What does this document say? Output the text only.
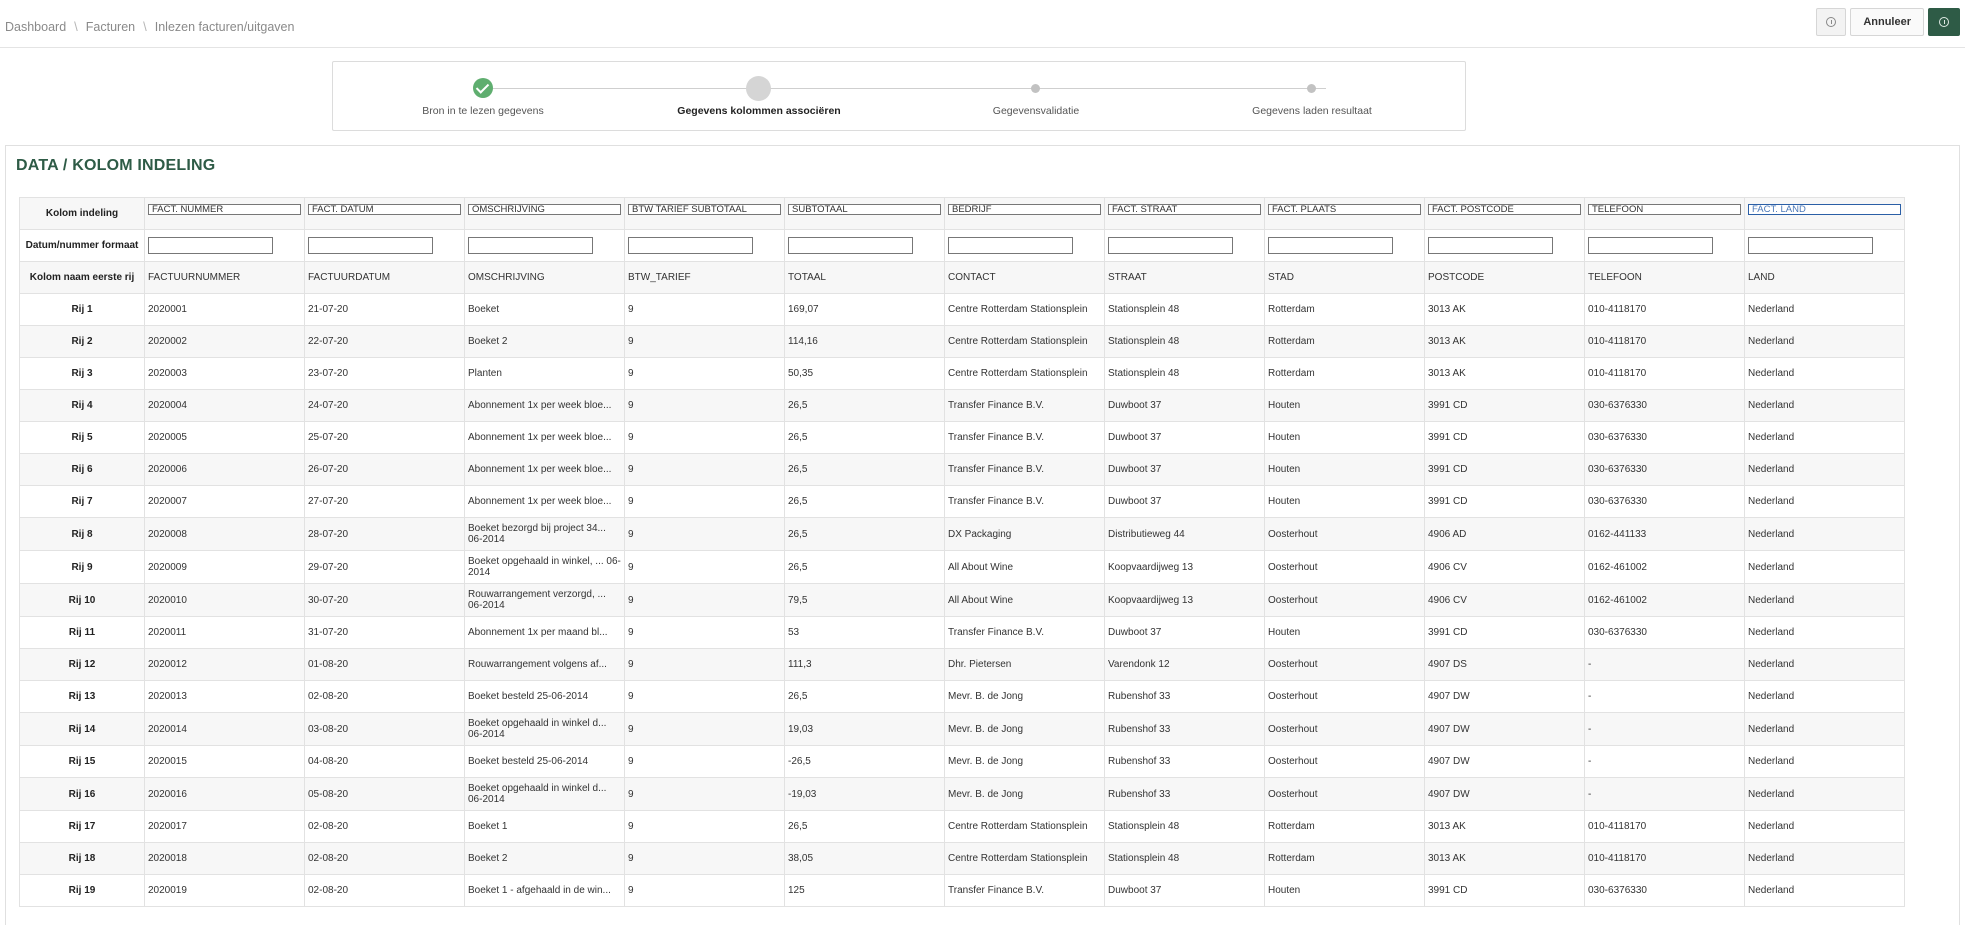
Dashboard \ Facturen \ Inlezen facturen/uitgaven	Annuleer
Bron in te lezen gegevens	Gegevens kolommen associëren	Gegevensvalidatie	Gegevens laden resultaat
DATA / KOLOM INDELING
Kolom indeling	FACT. NUMMER	FACT. DATUM	OMSCHRIJVING	BTW TARIEF SUBTOTAAL	SUBTOTAAL	BEDRIJF	FACT. STRAAT	FACT. PLAATS	FACT. POSTCODE	TELEFOON	FACT. LAND

Datum/nummer formaat	

Kolom naam eerste rij	FACTUURNUMMER	FACTUURDATUM	OMSCHRIJVING	BTW_TARIEF	TOTAAL	CONTACT	STRAAT	STAD	POSTCODE	TELEFOON	LAND
Rij 1	2020001	21-07-20	Boeket	9	169,07	Centre Rotterdam Stationsplein	Stationsplein 48	Rotterdam	3013 AK	010-4118170	Nederland
Rij 2	2020002	22-07-20	Boeket 2	9	114,16	Centre Rotterdam Stationsplein	Stationsplein 48	Rotterdam	3013 AK	010-4118170	Nederland
Rij 3	2020003	23-07-20	Planten	9	50,35	Centre Rotterdam Stationsplein	Stationsplein 48	Rotterdam	3013 AK	010-4118170	Nederland
Rij 4	2020004	24-07-20	Abonnement 1x per week bloe...	9	26,5	Transfer Finance B.V.	Duwboot 37	Houten	3991 CD	030-6376330	Nederland
Rij 5	2020005	25-07-20	Abonnement 1x per week bloe...	9	26,5	Transfer Finance B.V.	Duwboot 37	Houten	3991 CD	030-6376330	Nederland
Rij 6	2020006	26-07-20	Abonnement 1x per week bloe...	9	26,5	Transfer Finance B.V.	Duwboot 37	Houten	3991 CD	030-6376330	Nederland
Rij 7	2020007	27-07-20	Abonnement 1x per week bloe...	9	26,5	Transfer Finance B.V.	Duwboot 37	Houten	3991 CD	030-6376330	Nederland
Rij 8	2020008	28-07-20	Boeket bezorgd bij project 34... 06-2014	9	26,5	DX Packaging	Distributieweg 44	Oosterhout	4906 AD	0162-441133	Nederland
Rij 9	2020009	29-07-20	Boeket opgehaald in winkel, ... 06-2014	9	26,5	All About Wine	Koopvaardijweg 13	Oosterhout	4906 CV	0162-461002	Nederland
Rij 10	2020010	30-07-20	Rouwarrangement verzorgd, ... 06-2014	9	79,5	All About Wine	Koopvaardijweg 13	Oosterhout	4906 CV	0162-461002	Nederland
Rij 11	2020011	31-07-20	Abonnement 1x per maand bl...	9	53	Transfer Finance B.V.	Duwboot 37	Houten	3991 CD	030-6376330	Nederland
Rij 12	2020012	01-08-20	Rouwarrangement volgens af...	9	111,3	Dhr. Pietersen	Varendonk 12	Oosterhout	4907 DS	-	Nederland
Rij 13	2020013	02-08-20	Boeket besteld 25-06-2014	9	26,5	Mevr. B. de Jong	Rubenshof 33	Oosterhout	4907 DW	-	Nederland
Rij 14	2020014	03-08-20	Boeket opgehaald in winkel d... 06-2014	9	19,03	Mevr. B. de Jong	Rubenshof 33	Oosterhout	4907 DW	-	Nederland
Rij 15	2020015	04-08-20	Boeket besteld 25-06-2014	9	-26,5	Mevr. B. de Jong	Rubenshof 33	Oosterhout	4907 DW	-	Nederland
Rij 16	2020016	05-08-20	Boeket opgehaald in winkel d... 06-2014	9	-19,03	Mevr. B. de Jong	Rubenshof 33	Oosterhout	4907 DW	-	Nederland
Rij 17	2020017	02-08-20	Boeket 1	9	26,5	Centre Rotterdam Stationsplein	Stationsplein 48	Rotterdam	3013 AK	010-4118170	Nederland
Rij 18	2020018	02-08-20	Boeket 2	9	38,05	Centre Rotterdam Stationsplein	Stationsplein 48	Rotterdam	3013 AK	010-4118170	Nederland
Rij 19	2020019	02-08-20	Boeket 1 - afgehaald in de win...	9	125	Transfer Finance B.V.	Duwboot 37	Houten	3991 CD	030-6376330	Nederland
